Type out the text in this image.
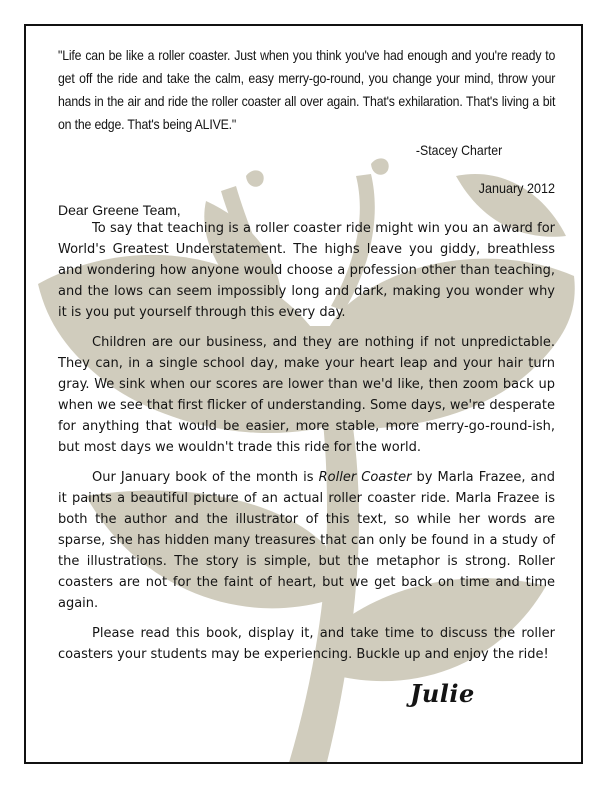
"Life can be like a roller coaster. Just when you think you've had enough and you're ready to get off the ride and take the calm, easy merry-go-round, you change your mind, throw your hands in the air and ride the roller coaster all over again. That's exhilaration. That's living a bit on the edge. That's being ALIVE."
-Stacey Charter
January 2012
Dear Greene Team,

To say that teaching is a roller coaster ride might win you an award for World's Greatest Understatement. The highs leave you giddy, breathless and wondering how anyone would choose a profession other than teaching, and the lows can seem impossibly long and dark, making you wonder why it is you put yourself through this every day.

Children are our business, and they are nothing if not unpredictable. They can, in a single school day, make your heart leap and your hair turn gray. We sink when our scores are lower than we'd like, then zoom back up when we see that first flicker of understanding. Some days, we're desperate for anything that would be easier, more stable, more merry-go-round-ish, but most days we wouldn't trade this ride for the world.

Our January book of the month is Roller Coaster by Marla Frazee, and it paints a beautiful picture of an actual roller coaster ride. Marla Frazee is both the author and the illustrator of this text, so while her words are sparse, she has hidden many treasures that can only be found in a study of the illustrations. The story is simple, but the metaphor is strong. Roller coasters are not for the faint of heart, but we get back on time and time again.

Please read this book, display it, and take time to discuss the roller coasters your students may be experiencing. Buckle up and enjoy the ride!

Julie
